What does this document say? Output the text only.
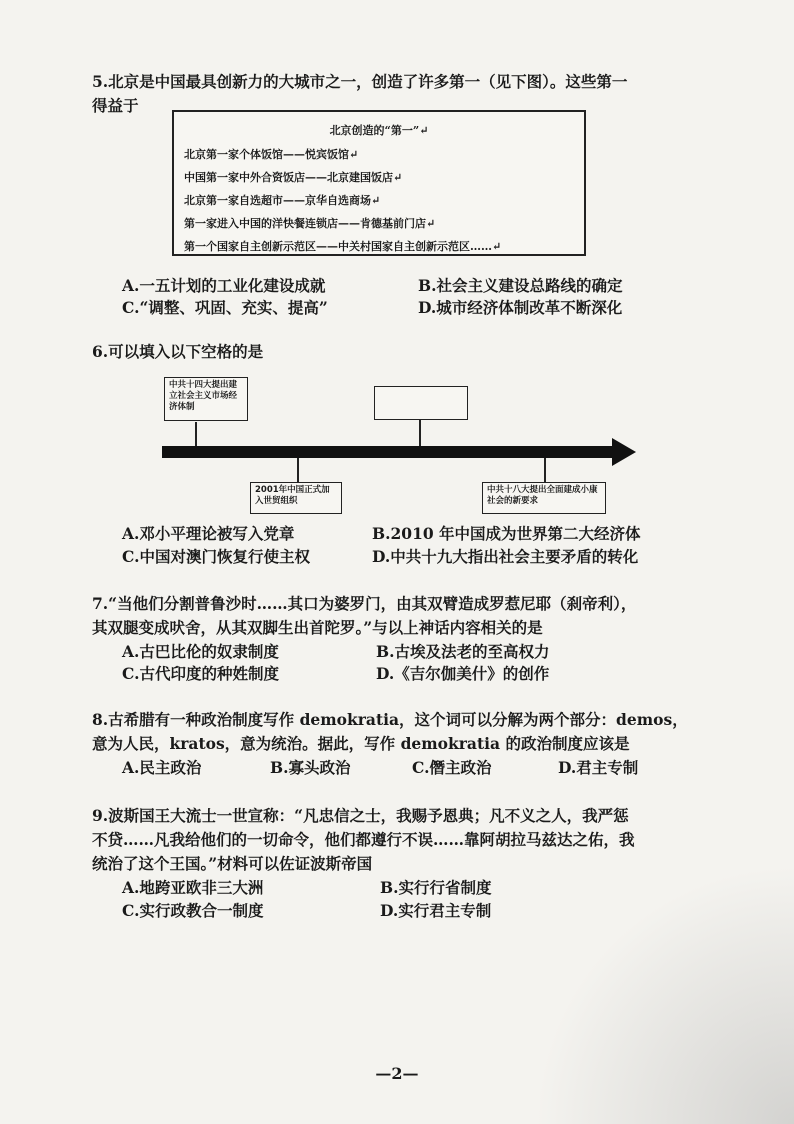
5.北京是中国最具创新力的大城市之一，创造了许多第一（见下图）。这些第一
得益于
北京创造的“第一”↵
北京第一家个体饭馆——悦宾饭馆↵
中国第一家中外合资饭店——北京建国饭店↵
北京第一家自选超市——京华自选商场↵
第一家进入中国的洋快餐连锁店——肯德基前门店↵
第一个国家自主创新示范区——中关村国家自主创新示范区……↵
A.一五计划的工业化建设成就	B.社会主义建设总路线的确定
C.“调整、巩固、充实、提高”	D.城市经济体制改革不断深化
6.可以填入以下空格的是
中共十四大提出建立社会主义市场经济体制
2001年中国正式加入世贸组织
中共十八大提出全面建成小康社会的新要求
A.邓小平理论被写入党章	B.2010 年中国成为世界第二大经济体
C.中国对澳门恢复行使主权	D.中共十九大指出社会主要矛盾的转化
7.“当他们分割普鲁沙时……其口为婆罗门，由其双臂造成罗惹尼耶（刹帝利），
其双腿变成吠舍，从其双脚生出首陀罗。”与以上神话内容相关的是
A.古巴比伦的奴隶制度	B.古埃及法老的至高权力
C.古代印度的种姓制度	D.《吉尔伽美什》的创作
8.古希腊有一种政治制度写作 demokratia，这个词可以分解为两个部分：demos，
意为人民，kratos，意为统治。据此，写作 demokratia 的政治制度应该是
A.民主政治	B.寡头政治	C.僭主政治	D.君主专制
9.波斯国王大流士一世宣称：“凡忠信之士，我赐予恩典；凡不义之人，我严惩
不贷……凡我给他们的一切命令，他们都遵行不误……靠阿胡拉马兹达之佑，我
统治了这个王国。”材料可以佐证波斯帝国
A.地跨亚欧非三大洲	B.实行行省制度
C.实行政教合一制度	D.实行君主专制
—2—
